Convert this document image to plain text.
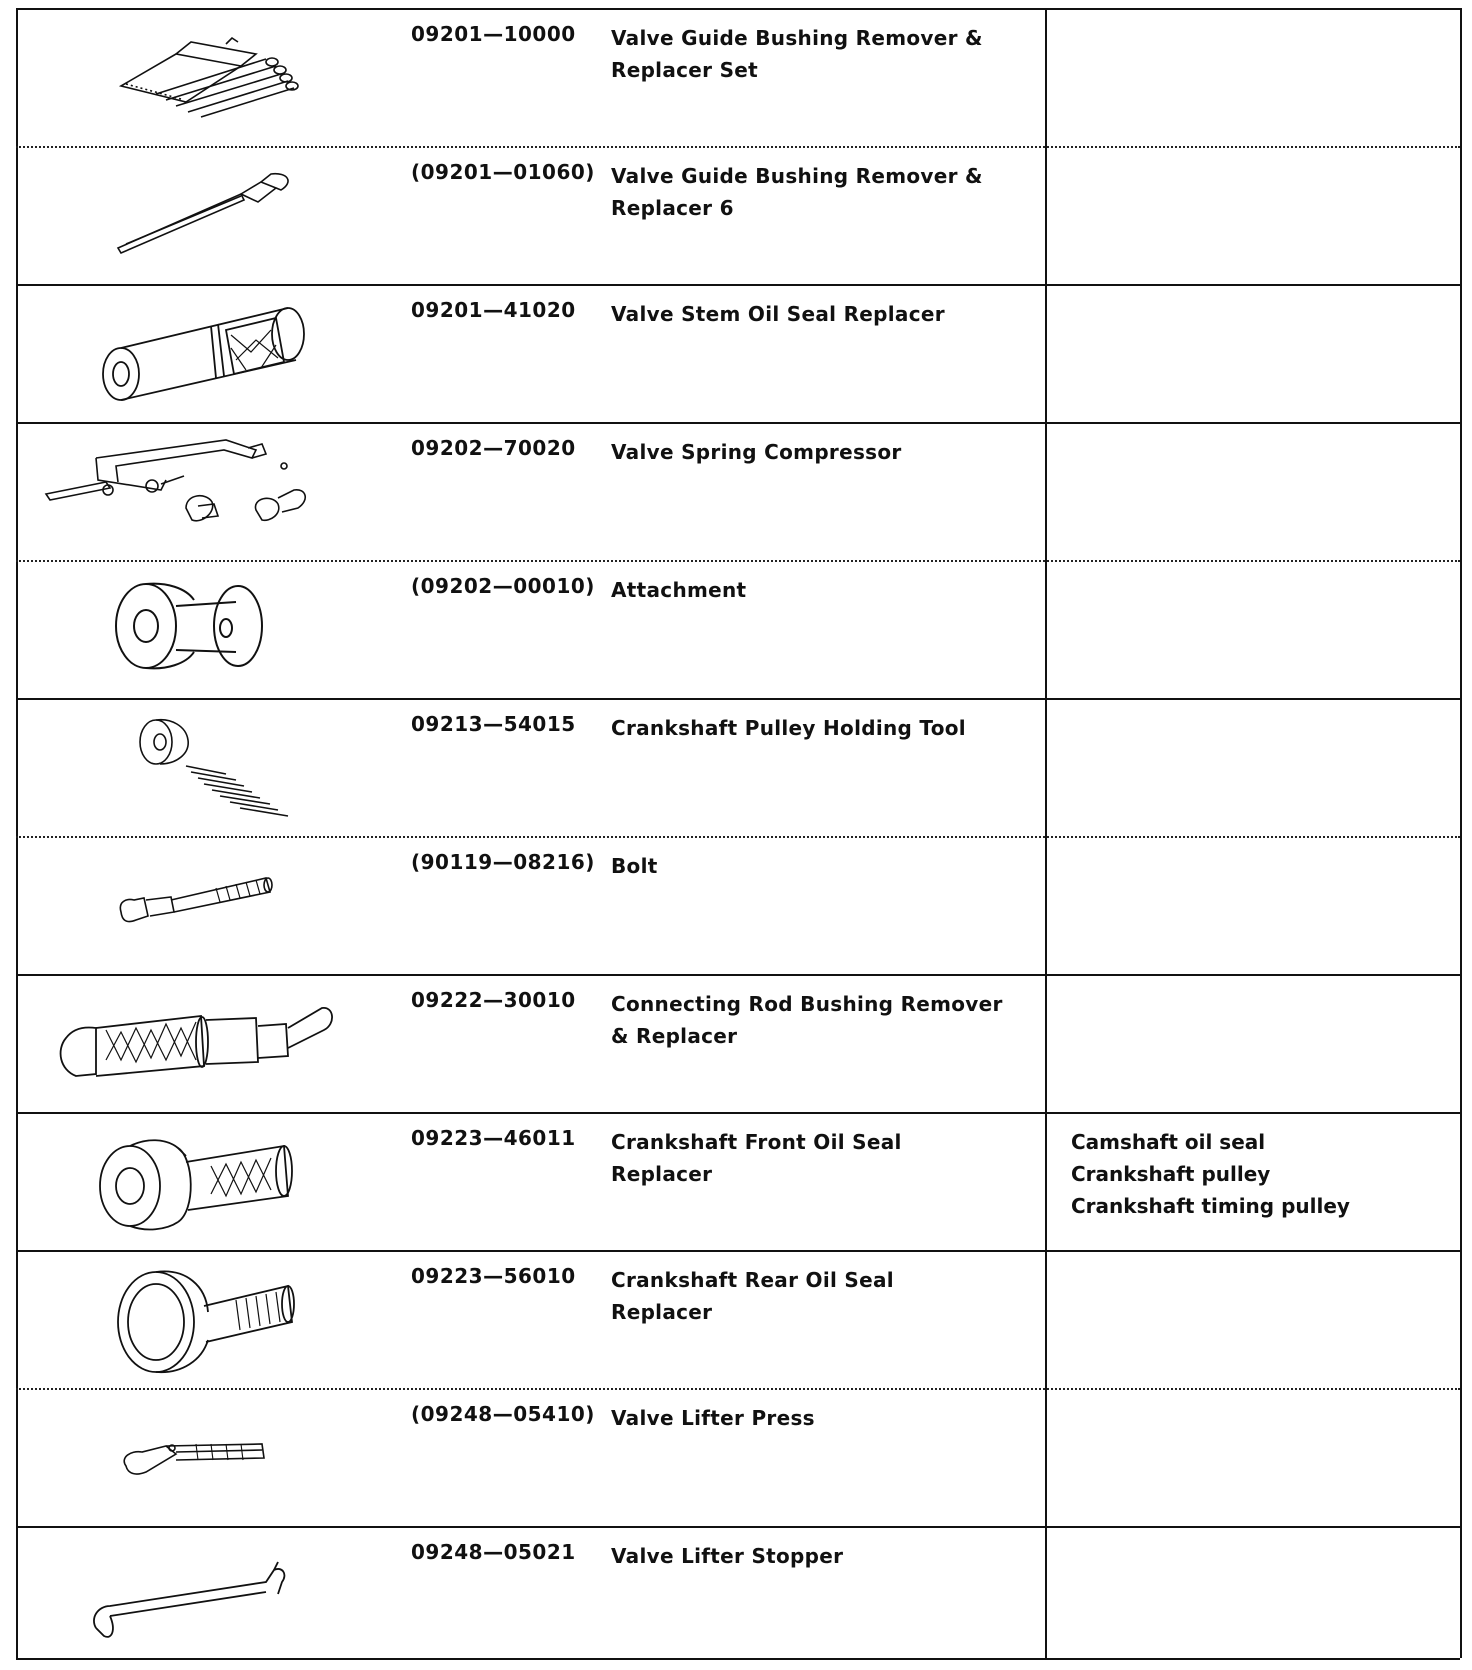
09201—10000 Valve Guide Bushing Remover &
Replacer Set
(09201—01060) Valve Guide Bushing Remover &
Replacer 6
09201—41020 Valve Stem Oil Seal Replacer
09202—70020 Valve Spring Compressor
(09202—00010) Attachment
09213—54015 Crankshaft Pulley Holding Tool
(90119—08216) Bolt
09222—30010 Connecting Rod Bushing Remover
& Replacer
09223—46011 Crankshaft Front Oil Seal
Replacer
Camshaft oil seal
Crankshaft pulley
Crankshaft timing pulley
09223—56010 Crankshaft Rear Oil Seal
Replacer
(09248—05410) Valve Lifter Press
09248—05021 Valve Lifter Stopper
